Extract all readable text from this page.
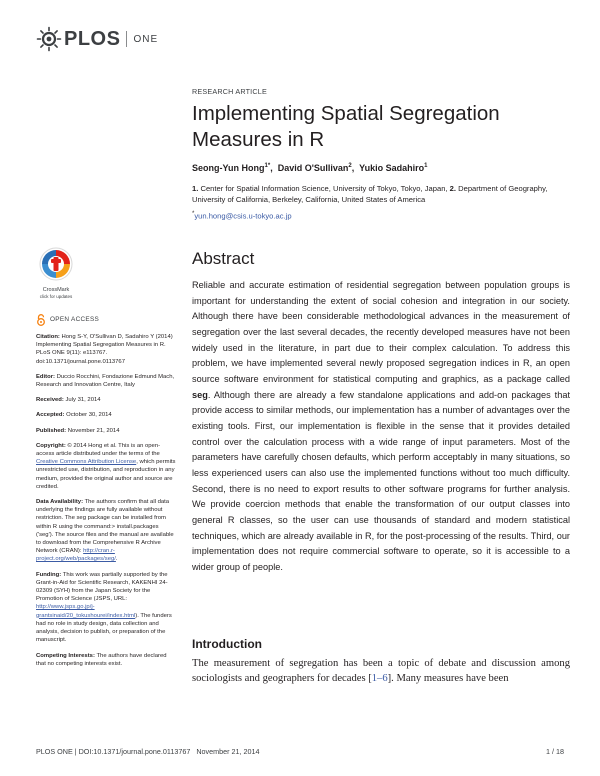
PLOS ONE
RESEARCH ARTICLE
Implementing Spatial Segregation Measures in R
Seong-Yun Hong$^{1*}$,  David O'Sullivan$^2$,  Yukio Sadahiro$^1$
1. Center for Spatial Information Science, University of Tokyo, Tokyo, Japan, 2. Department of Geography, University of California, Berkeley, California, United States of America
*yun.hong@csis.u-tokyo.ac.jp
CrossMark
click for updates
OPEN ACCESS
Citation: Hong S-Y, O'Sullivan D, Sadahiro Y (2014) Implementing Spatial Segregation Measures in R. PLoS ONE 9(11): e113767. doi:10.1371/journal.pone.0113767
Editor: Duccio Rocchini, Fondazione Edmund Mach, Research and Innovation Centre, Italy
Received: July 31, 2014
Accepted: October 30, 2014
Published: November 21, 2014
Copyright: © 2014 Hong et al. This is an open-access article distributed under the terms of the Creative Commons Attribution License, which permits unrestricted use, distribution, and reproduction in any medium, provided the original author and source are credited.
Data Availability: The authors confirm that all data underlying the findings are fully available without restriction. The seg package can be installed from within R using the command:> install.packages ('seg'). The source files and the manual are available to download from the Comprehensive R Archive Network (CRAN): http://cran.r-project.org/web/packages/seg/.
Funding: This work was partially supported by the Grant-in-Aid for Scientific Research, KAKENHI 24-02309 (SYH) from the Japan Society for the Promotion of Science (JSPS, URL: http://www.jsps.go.jp/j-grantsinaid/20_tokushourei/index.html). The funders had no role in study design, data collection and analysis, decision to publish, or preparation of the manuscript.
Competing Interests: The authors have declared that no competing interests exist.
Abstract

Reliable and accurate estimation of residential segregation between population groups is important for understanding the extent of social cohesion and integration in our society. Although there have been considerable methodological advances in the measurement of segregation over the last several decades, the recently developed measures have not been widely used in the literature, in part due to their complex calculation. To address this problem, we have implemented several newly proposed segregation indices in R, an open source software environment for statistical computing and graphics, as a package called seg. Although there are already a few standalone applications and add-on packages that provide access to similar methods, our implementation has a number of advantages over the existing tools. First, our implementation is flexible in the sense that it provides detailed control over the calculation process with a wide range of input parameters. Most of the parameters have carefully chosen defaults, which perform acceptably in many situations, so less experienced users can also use the implemented functions without too much difficulty. Second, there is no need to export results to other software programs for further analysis. We provide coercion methods that enable the transformation of our output classes into general R classes, so the user can use thousands of standard and modern statistical techniques, which are already available in R, for the post-processing of the results. Third, our implementation does not require commercial software to operate, so it is accessible to a wider group of people.

Introduction

The measurement of segregation has been a topic of debate and discussion among sociologists and geographers for decades [1–6]. Many measures have been

PLOS ONE | DOI:10.1371/journal.pone.0113767   November 21, 2014	1 / 18
